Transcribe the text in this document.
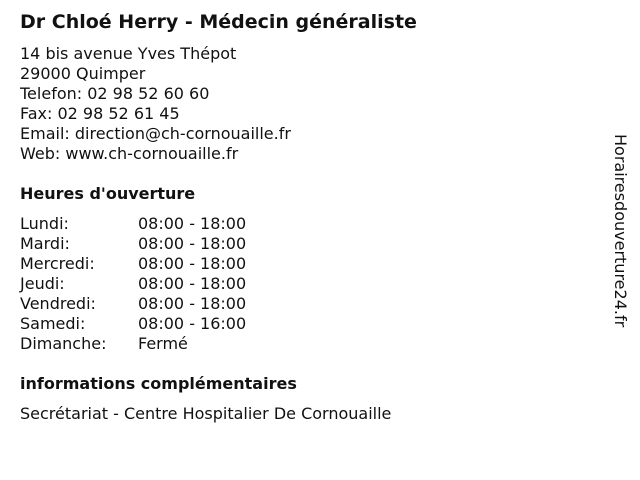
Dr Chloé Herry - Médecin généraliste
14 bis avenue Yves Thépot
29000 Quimper
Telefon: 02 98 52 60 60
Fax: 02 98 52 61 45
Email: direction@ch-cornouaille.fr
Web: www.ch-cornouaille.fr
Heures d'ouverture
Lundi:	08:00 - 18:00
Mardi:	08:00 - 18:00
Mercredi:	08:00 - 18:00
Jeudi:	08:00 - 18:00
Vendredi:	08:00 - 18:00
Samedi:	08:00 - 16:00
Dimanche:	Fermé
informations complémentaires
Secrétariat - Centre Hospitalier De Cornouaille
Horairesdouverture24.fr
